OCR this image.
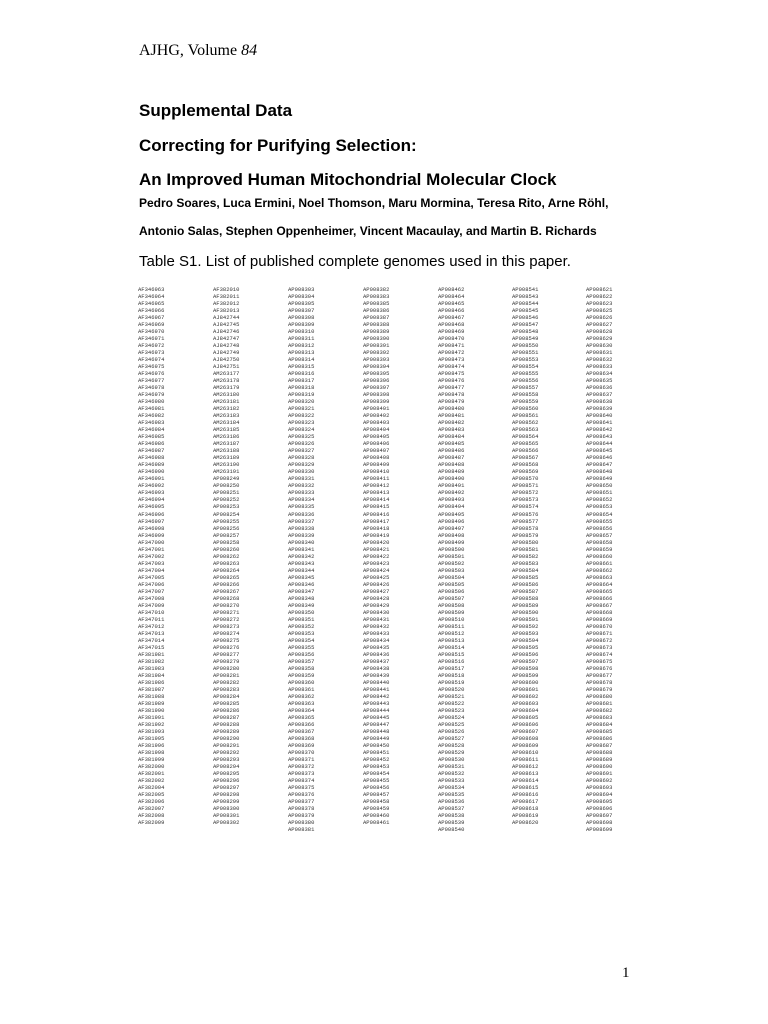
AJHG, Volume 84
Supplemental Data
Correcting for Purifying Selection:
An Improved Human Mitochondrial Molecular Clock
Pedro Soares, Luca Ermini, Noel Thomson, Maru Mormina, Teresa Rito, Arne Röhl,
Antonio Salas, Stephen Oppenheimer, Vincent Macaulay, and Martin B. Richards
Table S1. List of published complete genomes used in this paper.
AF346963
AF346964
AF346965
AF346966
AF346967
AF346969
AF346970
AF346971
AF346972
AF346973
AF346974
AF346975
AF346976
AF346977
AF346978
AF346979
AF346980
AF346981
AF346982
AF346983
AF346984
AF346985
AF346986
AF346987
AF346988
AF346989
AF346990
AF346991
AF346992
AF346993
AF346994
AF346995
AF346996
AF346997
AF346998
AF346999
AF347000
AF347001
AF347002
AF347003
AF347004
AF347005
AF347006
AF347007
AF347008
AF347009
AF347010
AF347011
AF347012
AF347013
AF347014
AF347015
AF381981
AF381982
AF381983
AF381984
AF381986
AF381987
AF381988
AF381989
AF381990
AF381991
AF381992
AF381993
AF381995
AF381996
AF381998
AF381999
AF382000
AF382001
AF382002
AF382004
AF382005
AF382006
AF382007
AF382008
AF382009
AF382010
AF382011
AF382012
AF382013
AJ842744
AJ842745
AJ842746
AJ842747
AJ842748
AJ842749
AJ842750
AJ842751
AM263177
AM263178
AM263179
AM263180
AM263181
AM263182
AM263183
AM263184
AM263185
AM263186
AM263187
AM263188
AM263189
AM263190
AM263191
AP008249
AP008250
AP008251
AP008252
AP008253
AP008254
AP008255
AP008256
AP008257
AP008258
AP008260
AP008262
AP008263
AP008264
AP008265
AP008266
AP008267
AP008268
AP008270
AP008271
AP008272
AP008273
AP008274
AP008275
AP008276
AP008277
AP008279
AP008280
AP008281
AP008282
AP008283
AP008284
AP008285
AP008286
AP008287
AP008288
AP008289
AP008290
AP008291
AP008292
AP008293
AP008294
AP008295
AP008296
AP008297
AP008298
AP008299
AP008300
AP008301
AP008302
AP008303
AP008304
AP008305
AP008307
AP008308
AP008309
AP008310
AP008311
AP008312
AP008313
AP008314
AP008315
AP008316
AP008317
AP008318
AP008319
AP008320
AP008321
AP008322
AP008323
AP008324
AP008325
AP008326
AP008327
AP008328
AP008329
AP008330
AP008331
AP008332
AP008333
AP008334
AP008335
AP008336
AP008337
AP008338
AP008339
AP008340
AP008341
AP008342
AP008343
AP008344
AP008345
AP008346
AP008347
AP008348
AP008349
AP008350
AP008351
AP008352
AP008353
AP008354
AP008355
AP008356
AP008357
AP008358
AP008359
AP008360
AP008361
AP008362
AP008363
AP008364
AP008365
AP008366
AP008367
AP008368
AP008369
AP008370
AP008371
AP008372
AP008373
AP008374
AP008375
AP008376
AP008377
AP008378
AP008379
AP008380
AP008381
AP008382
AP008383
AP008385
AP008386
AP008387
AP008388
AP008389
AP008390
AP008391
AP008392
AP008393
AP008394
AP008395
AP008396
AP008397
AP008398
AP008399
AP008401
AP008402
AP008403
AP008404
AP008405
AP008406
AP008407
AP008408
AP008409
AP008410
AP008411
AP008412
AP008413
AP008414
AP008415
AP008416
AP008417
AP008418
AP008419
AP008420
AP008421
AP008422
AP008423
AP008424
AP008425
AP008426
AP008427
AP008428
AP008429
AP008430
AP008431
AP008432
AP008433
AP008434
AP008435
AP008436
AP008437
AP008438
AP008439
AP008440
AP008441
AP008442
AP008443
AP008444
AP008445
AP008447
AP008448
AP008449
AP008450
AP008451
AP008452
AP008453
AP008454
AP008455
AP008456
AP008457
AP008458
AP008459
AP008460
AP008461
AP008462
AP008464
AP008465
AP008466
AP008467
AP008468
AP008469
AP008470
AP008471
AP008472
AP008473
AP008474
AP008475
AP008476
AP008477
AP008478
AP008479
AP008480
AP008481
AP008482
AP008483
AP008484
AP008485
AP008486
AP008487
AP008488
AP008489
AP008490
AP008491
AP008492
AP008493
AP008494
AP008495
AP008496
AP008497
AP008498
AP008499
AP008500
AP008501
AP008502
AP008503
AP008504
AP008505
AP008506
AP008507
AP008508
AP008509
AP008510
AP008511
AP008512
AP008513
AP008514
AP008515
AP008516
AP008517
AP008518
AP008519
AP008520
AP008521
AP008522
AP008523
AP008524
AP008525
AP008526
AP008527
AP008528
AP008529
AP008530
AP008531
AP008532
AP008533
AP008534
AP008535
AP008536
AP008537
AP008538
AP008539
AP008540
AP008541
AP008543
AP008544
AP008545
AP008546
AP008547
AP008548
AP008549
AP008550
AP008551
AP008553
AP008554
AP008555
AP008556
AP008557
AP008558
AP008559
AP008560
AP008561
AP008562
AP008563
AP008564
AP008565
AP008566
AP008567
AP008568
AP008569
AP008570
AP008571
AP008572
AP008573
AP008574
AP008576
AP008577
AP008578
AP008579
AP008580
AP008581
AP008582
AP008583
AP008584
AP008585
AP008586
AP008587
AP008588
AP008589
AP008590
AP008591
AP008592
AP008593
AP008594
AP008595
AP008596
AP008597
AP008598
AP008599
AP008600
AP008601
AP008602
AP008603
AP008604
AP008605
AP008606
AP008607
AP008608
AP008609
AP008610
AP008611
AP008612
AP008613
AP008614
AP008615
AP008616
AP008617
AP008618
AP008619
AP008620
AP008621
AP008622
AP008623
AP008625
AP008626
AP008627
AP008628
AP008629
AP008630
AP008631
AP008632
AP008633
AP008634
AP008635
AP008636
AP008637
AP008638
AP008639
AP008640
AP008641
AP008642
AP008643
AP008644
AP008645
AP008646
AP008647
AP008648
AP008649
AP008650
AP008651
AP008652
AP008653
AP008654
AP008655
AP008656
AP008657
AP008658
AP008659
AP008660
AP008661
AP008662
AP008663
AP008664
AP008665
AP008666
AP008667
AP008668
AP008669
AP008670
AP008671
AP008672
AP008673
AP008674
AP008675
AP008676
AP008677
AP008678
AP008679
AP008680
AP008681
AP008682
AP008683
AP008684
AP008685
AP008686
AP008687
AP008688
AP008689
AP008690
AP008691
AP008692
AP008693
AP008694
AP008695
AP008696
AP008697
AP008698
AP008699
1
